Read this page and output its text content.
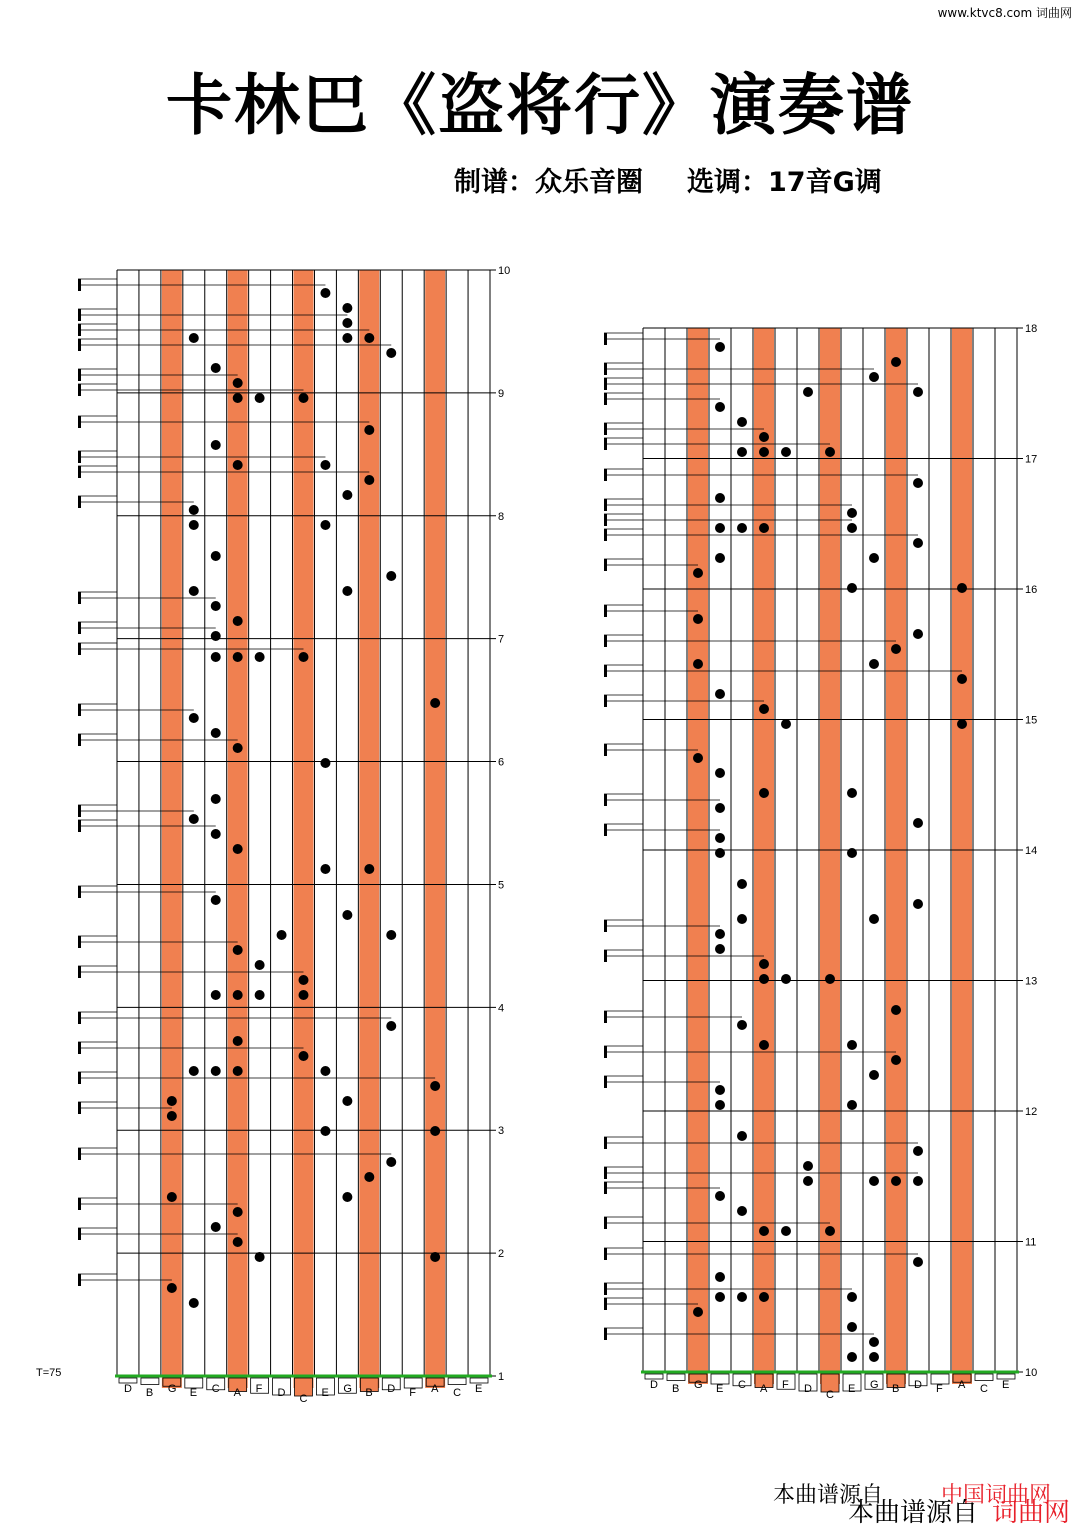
www.ktvc8.com 词曲网
卡林巴《盗将行》演奏谱
制谱：众乐音圈 选调：17音G调
10
9
8
7
6
5
4
3
2
1
D B G E C A F D C E G B D F A C E
18
17
16
15
14
13
12
11
10
D B G E C A F D C E G B D F A C E
T=75
本曲谱源自	中国词曲网
本曲谱源自 词曲网
